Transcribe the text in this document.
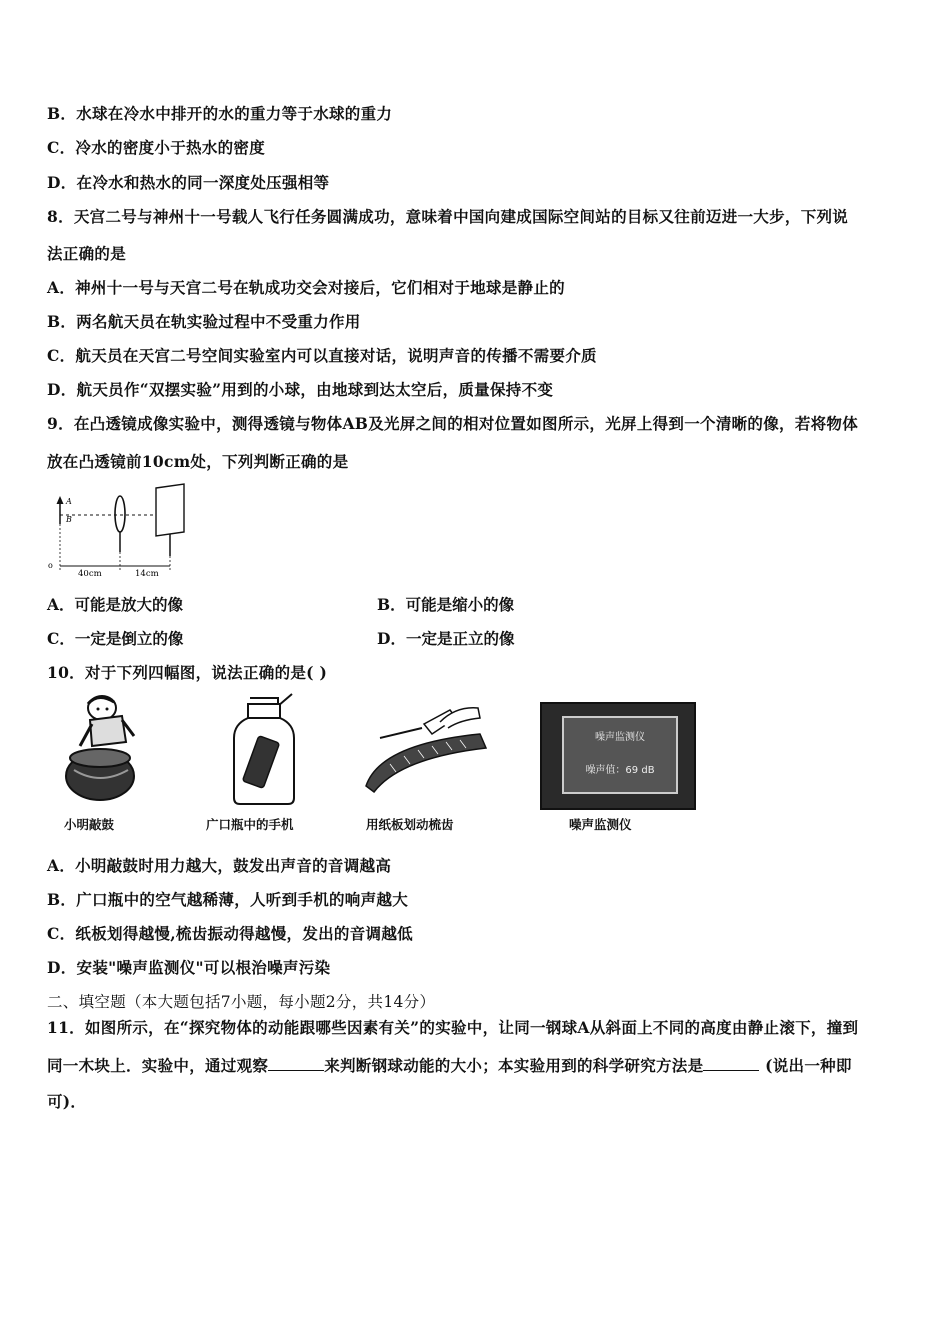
B．水球在冷水中排开的水的重力等于水球的重力
C．冷水的密度小于热水的密度
D．在冷水和热水的同一深度处压强相等
8．天宫二号与神州十一号载人飞行任务圆满成功，意味着中国向建成国际空间站的目标又往前迈进一大步，下列说
法正确的是
A．神州十一号与天宫二号在轨成功交会对接后，它们相对于地球是静止的
B．两名航天员在轨实验过程中不受重力作用
C．航天员在天宫二号空间实验室内可以直接对话，说明声音的传播不需要介质
D．航天员作“双摆实验”用到的小球，由地球到达太空后，质量保持不变
9．在凸透镜成像实验中，测得透镜与物体AB及光屏之间的相对位置如图所示，光屏上得到一个清晰的像，若将物体
放在凸透镜前10cm处，下列判断正确的是
A
B
o
40cm	14cm
A．可能是放大的像	B．可能是缩小的像
C．一定是倒立的像	D．一定是正立的像
10．对于下列四幅图，说法正确的是( )
小明敲鼓	广口瓶中的手机	用纸板划动梳齿
噪声监测仪
噪声值：69 dB
噪声监测仪
A．小明敲鼓时用力越大，鼓发出声音的音调越高
B．广口瓶中的空气越稀薄，人听到手机的响声越大
C．纸板划得越慢,梳齿振动得越慢，发出的音调越低
D．安装"噪声监测仪"可以根治噪声污染
二、填空题（本大题包括7小题，每小题2分，共14分）
11．如图所示，在“探究物体的动能跟哪些因素有关”的实验中，让同一钢球A从斜面上不同的高度由静止滚下，撞到
同一木块上．实验中，通过观察	来判断钢球动能的大小；本实验用到的科学研究方法是	(说出一种即
可)．
